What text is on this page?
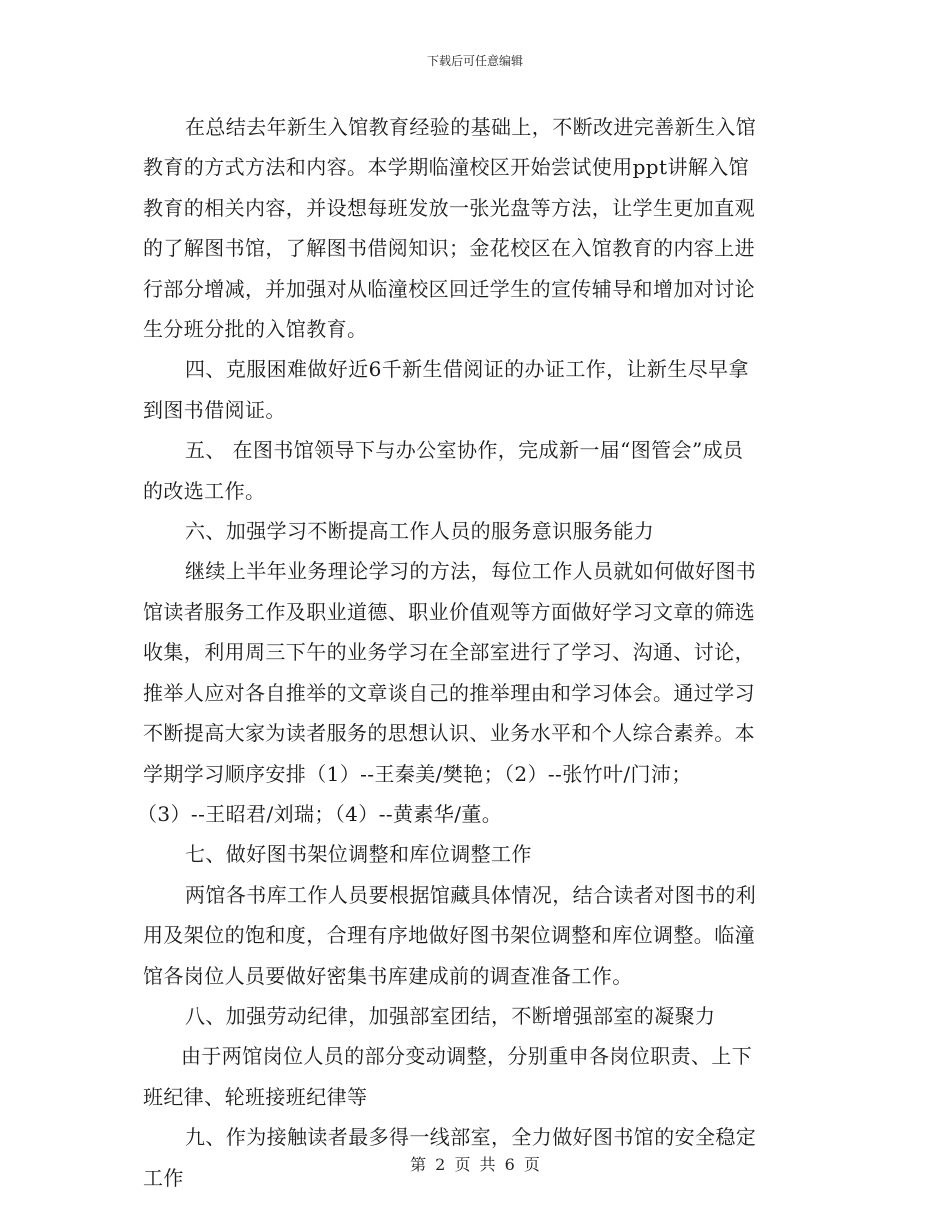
下载后可任意编辑

在总结去年新生入馆教育经验的基础上，不断改进完善新生入馆

教育的方式方法和内容。本学期临潼校区开始尝试使用ppt讲解入馆

教育的相关内容，并设想每班发放一张光盘等方法，让学生更加直观

的了解图书馆，了解图书借阅知识；金花校区在入馆教育的内容上进

行部分增减，并加强对从临潼校区回迁学生的宣传辅导和增加对讨论

生分班分批的入馆教育。

四、克服困难做好近6千新生借阅证的办证工作，让新生尽早拿

到图书借阅证。

五、 在图书馆领导下与办公室协作，完成新一届“图管会”成员

的改选工作。

六、加强学习不断提高工作人员的服务意识服务能力

继续上半年业务理论学习的方法，每位工作人员就如何做好图书

馆读者服务工作及职业道德、职业价值观等方面做好学习文章的筛选

收集，利用周三下午的业务学习在全部室进行了学习、沟通、讨论，

推举人应对各自推举的文章谈自己的推举理由和学习体会。通过学习

不断提高大家为读者服务的思想认识、业务水平和个人综合素养。本

学期学习顺序安排（1）--王秦美/樊艳；（2）--张竹叶/门沛；

（3）--王昭君/刘瑞；（4）--黄素华/董。

七、做好图书架位调整和库位调整工作

两馆各书库工作人员要根据馆藏具体情况，结合读者对图书的利

用及架位的饱和度，合理有序地做好图书架位调整和库位调整。临潼

馆各岗位人员要做好密集书库建成前的调查准备工作。

八、加强劳动纪律，加强部室团结，不断增强部室的凝聚力

由于两馆岗位人员的部分变动调整，分别重申各岗位职责、上下

班纪律、轮班接班纪律等

九、作为接触读者最多得一线部室，全力做好图书馆的安全稳定

工作

第 2 页 共 6 页
